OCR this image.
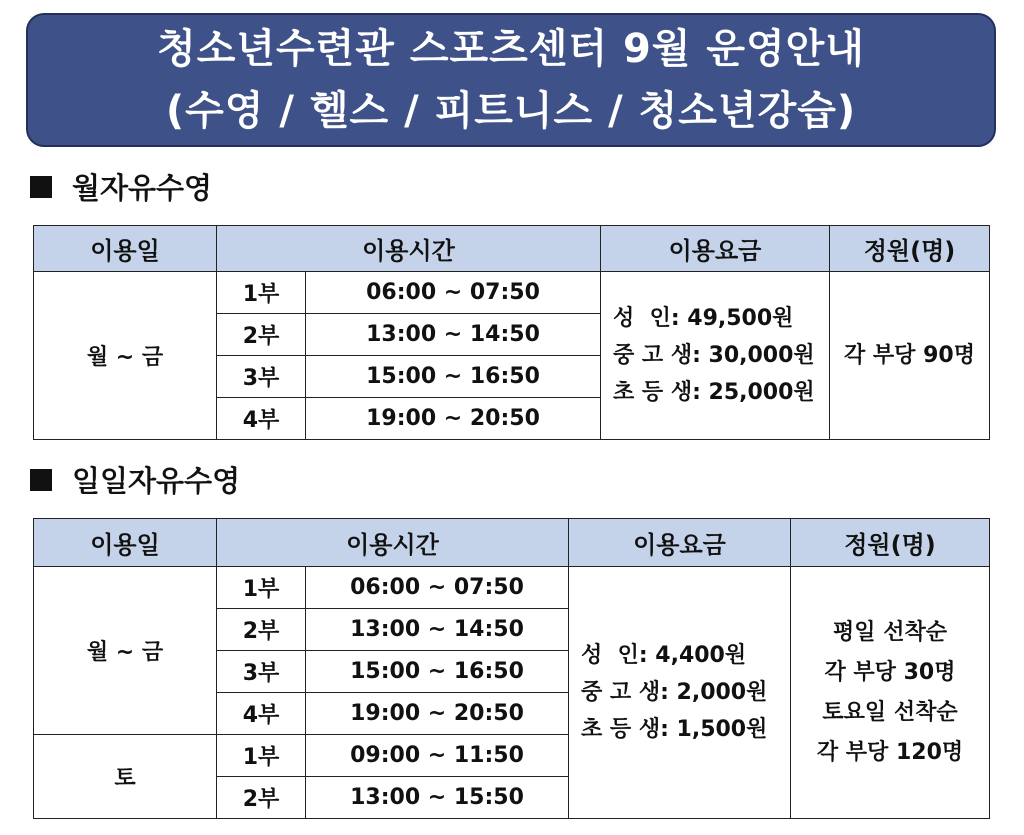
청소년수련관 스포츠센터 9월 운영안내
(수영 / 헬스 / 피트니스 / 청소년강습)
월자유수영
이용일	이용시간		이용요금	정원(명)
월 ~ 금	1부	06:00 ~ 07:50	성  인: 49,500원
중 고 생: 30,000원
초 등 생: 25,000원	각 부당 90명
	2부	13:00 ~ 14:50		
	3부	15:00 ~ 16:50		
	4부	19:00 ~ 20:50		
일일자유수영
이용일	이용시간		이용요금	정원(명)
월 ~ 금	1부	06:00 ~ 07:50	성  인: 4,400원
중 고 생: 2,000원
초 등 생: 1,500원	평일 선착순
각 부당 30명
토요일 선착순
각 부당 120명

	2부	13:00 ~ 14:50		
	3부	15:00 ~ 16:50		
	4부	19:00 ~ 20:50		
토	1부	09:00 ~ 11:50		
	2부	13:00 ~ 15:50		
